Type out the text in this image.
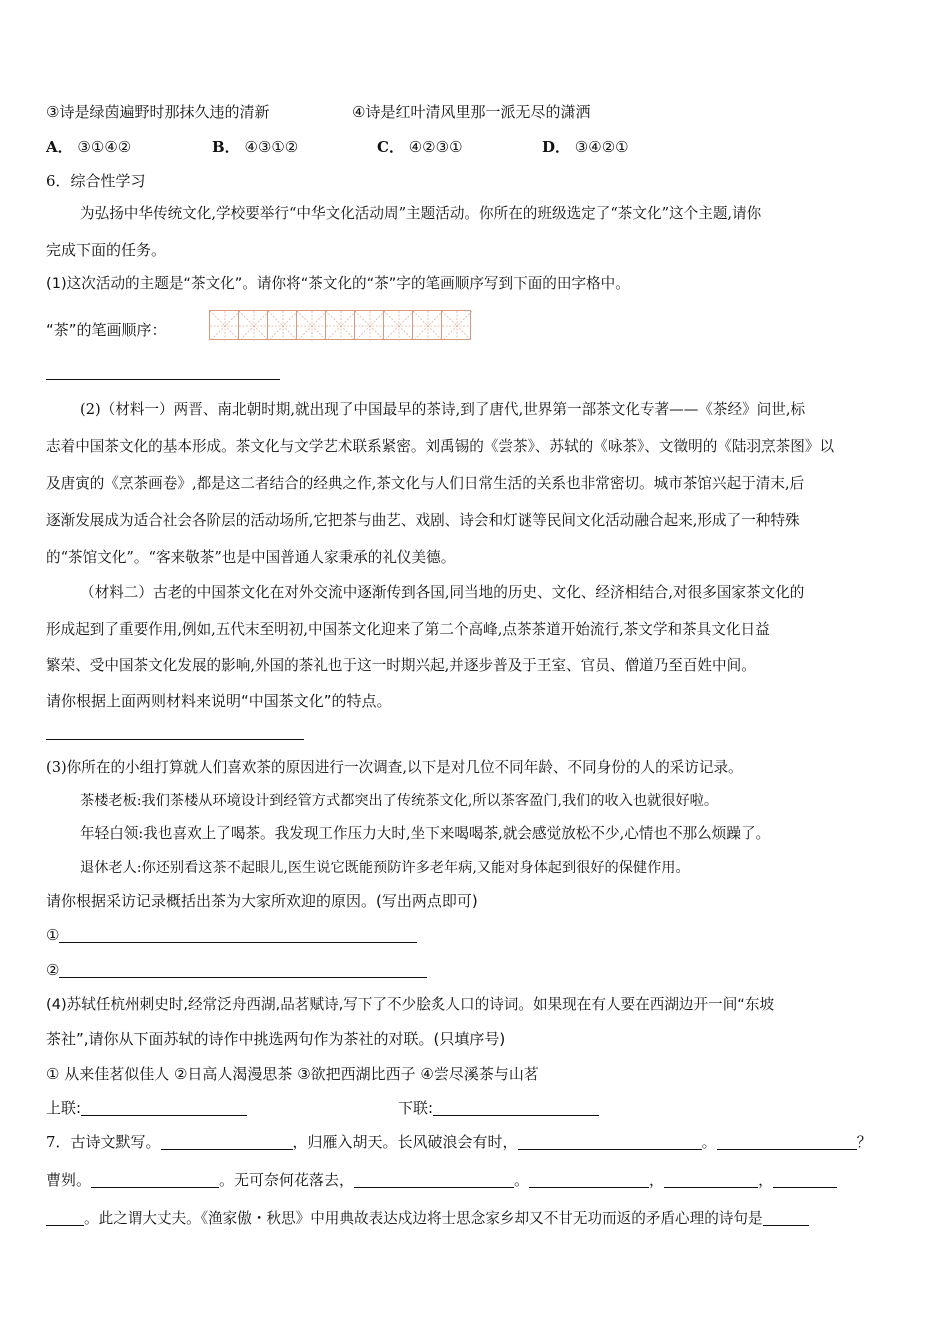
③诗是绿茵遍野时那抹久违的清新	④诗是红叶清风里那一派无尽的潇洒
A． ③①④②	B． ④③①②	C． ④②③①	D． ③④②①
6．综合性学习
为弘扬中华传统文化,学校要举行“中华文化活动周”主题活动。你所在的班级选定了“茶文化”这个主题,请你
完成下面的任务。
(1)这次活动的主题是“茶文化”。请你将“茶文化的“茶”字的笔画顺序写到下面的田字格中。
“茶”的笔画顺序：
(2)（材料一）两晋、南北朝时期,就出现了中国最早的茶诗,到了唐代,世界第一部茶文化专著——《茶经》问世,标
志着中国茶文化的基本形成。茶文化与文学艺术联系紧密。刘禹锡的《尝茶》、苏轼的《咏茶》、文徵明的《陆羽烹茶图》以
及唐寅的《烹茶画卷》,都是这二者结合的经典之作,茶文化与人们日常生活的关系也非常密切。城市茶馆兴起于清末,后
逐渐发展成为适合社会各阶层的活动场所,它把茶与曲艺、戏剧、诗会和灯谜等民间文化活动融合起来,形成了一种特殊
的“茶馆文化”。“客来敬茶”也是中国普通人家秉承的礼仪美德。
（材料二）古老的中国茶文化在对外交流中逐渐传到各国,同当地的历史、文化、经济相结合,对很多国家茶文化的
形成起到了重要作用,例如,五代末至明初,中国茶文化迎来了第二个高峰,点茶茶道开始流行,茶文学和茶具文化日益
繁荣、受中国茶文化发展的影响,外国的茶礼也于这一时期兴起,并逐步普及于王室、官员、僧道乃至百姓中间。
请你根据上面两则材料来说明“中国茶文化”的特点。
(3)你所在的小组打算就人们喜欢茶的原因进行一次调查,以下是对几位不同年龄、不同身份的人的采访记录。
茶楼老板:我们茶楼从环境设计到经管方式都突出了传统茶文化,所以茶客盈门,我们的收入也就很好啦。
年轻白领:我也喜欢上了喝茶。我发现工作压力大时,坐下来喝喝茶,就会感觉放松不少,心情也不那么烦躁了。
退休老人:你还别看这茶不起眼儿,医生说它既能预防许多老年病,又能对身体起到很好的保健作用。
请你根据采访记录概括出茶为大家所欢迎的原因。(写出两点即可)
①
②
(4)苏轼任杭州刺史时,经常泛舟西湖,品茗赋诗,写下了不少脍炙人口的诗词。如果现在有人要在西湖边开一间“东坡
茶社”,请你从下面苏轼的诗作中挑选两句作为茶社的对联。(只填序号)
① 从来佳茗似佳人 ②日高人渴漫思茶 ③欲把西湖比西子 ④尝尽溪茶与山茗
上联:	下联:
7．古诗文默写。	，归雁入胡天。长风破浪会有时，	。	？
曹刿。	。无可奈何花落去，	。	，	，
。此之谓大丈夫。《渔家傲・秋思》中用典故表达戍边将士思念家乡却又不甘无功而返的矛盾心理的诗句是
